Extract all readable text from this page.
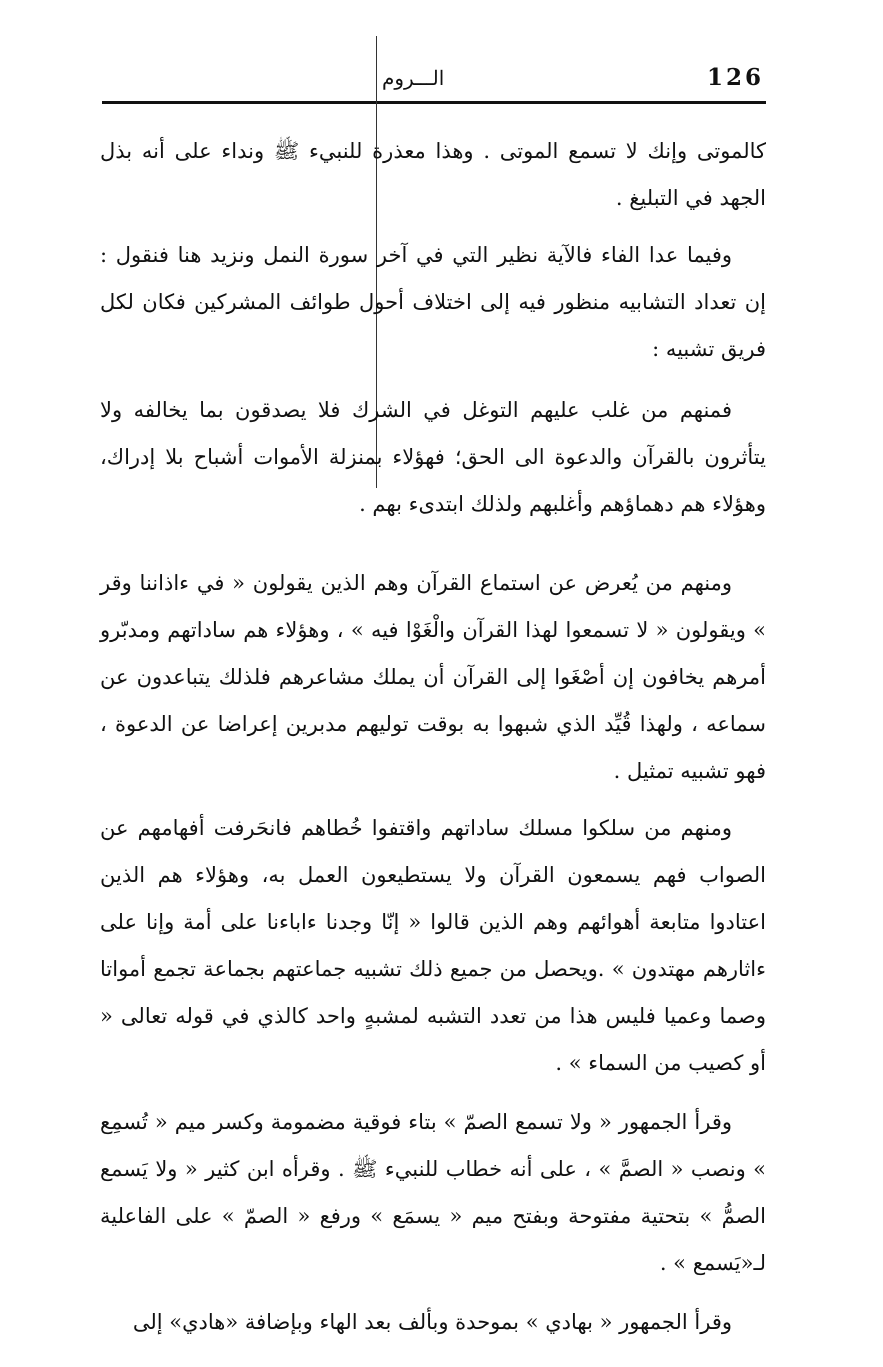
126
الـــروم

كالموتى وإنك لا تسمع الموتى . وهذا معذرة للنبيء ﷺ ونداء على أنه بذل الجهد في التبليغ .

وفيما عدا الفاء فالآية نظير التي في آخر سورة النمل ونزيد هنا فنقول : إن تعداد التشابيه منظور فيه إلى اختلاف أحول طوائف المشركين فكان لكل فريق تشبيه :

فمنهم من غلب عليهم التوغل في الشرك فلا يصدقون بما يخالفه ولا يتأثرون بالقرآن والدعوة الى الحق؛ فهؤلاء بمنزلة الأموات أشباح بلا إدراك، وهؤلاء هم دهماؤهم وأغلبهم ولذلك ابتدىء بهم .

ومنهم من يُعرض عن استماع القرآن وهم الذين يقولون « في ءاذاننا وقر » ويقولون « لا تسمعوا لهذا القرآن والْغَوْا فيه » ، وهؤلاء هم ساداتهم ومدبّرو أمرهم يخافون إن أصْغَوا إلى القرآن أن يملك مشاعرهم فلذلك يتباعدون عن سماعه ، ولهذا قُيِّد الذي شبهوا به بوقت توليهم مدبرين إعراضا عن الدعوة ، فهو تشبيه تمثيل .

ومنهم من سلكوا مسلك ساداتهم واقتفوا خُطاهم فانحَرفت أفهامهم عن الصواب فهم يسمعون القرآن ولا يستطيعون العمل به، وهؤلاء هم الذين اعتادوا متابعة أهوائهم وهم الذين قالوا « إنّا وجدنا ءاباءنا على أمة وإنا على ءاثارهم مهتدون » .ويحصل من جميع ذلك تشبيه جماعتهم بجماعة تجمع أمواتا وصما وعميا فليس هذا من تعدد التشبه لمشبهٍ واحد كالذي في قوله تعالى « أو كصيب من السماء » .

وقرأ الجمهور « ولا تسمع الصمّ » بتاء فوقية مضمومة وكسر ميم « تُسمِع » ونصب « الصمَّ » ، على أنه خطاب للنبيء ﷺ . وقرأه ابن كثير « ولا يَسمع الصمُّ » بتحتية مفتوحة وبفتح ميم « يسمَع » ورفع « الصمّ » على الفاعلية لـ«يَسمع » .

وقرأ الجمهور « بهادي » بموحدة وبألف بعد الهاء وبإضافة «هادي» إلى
